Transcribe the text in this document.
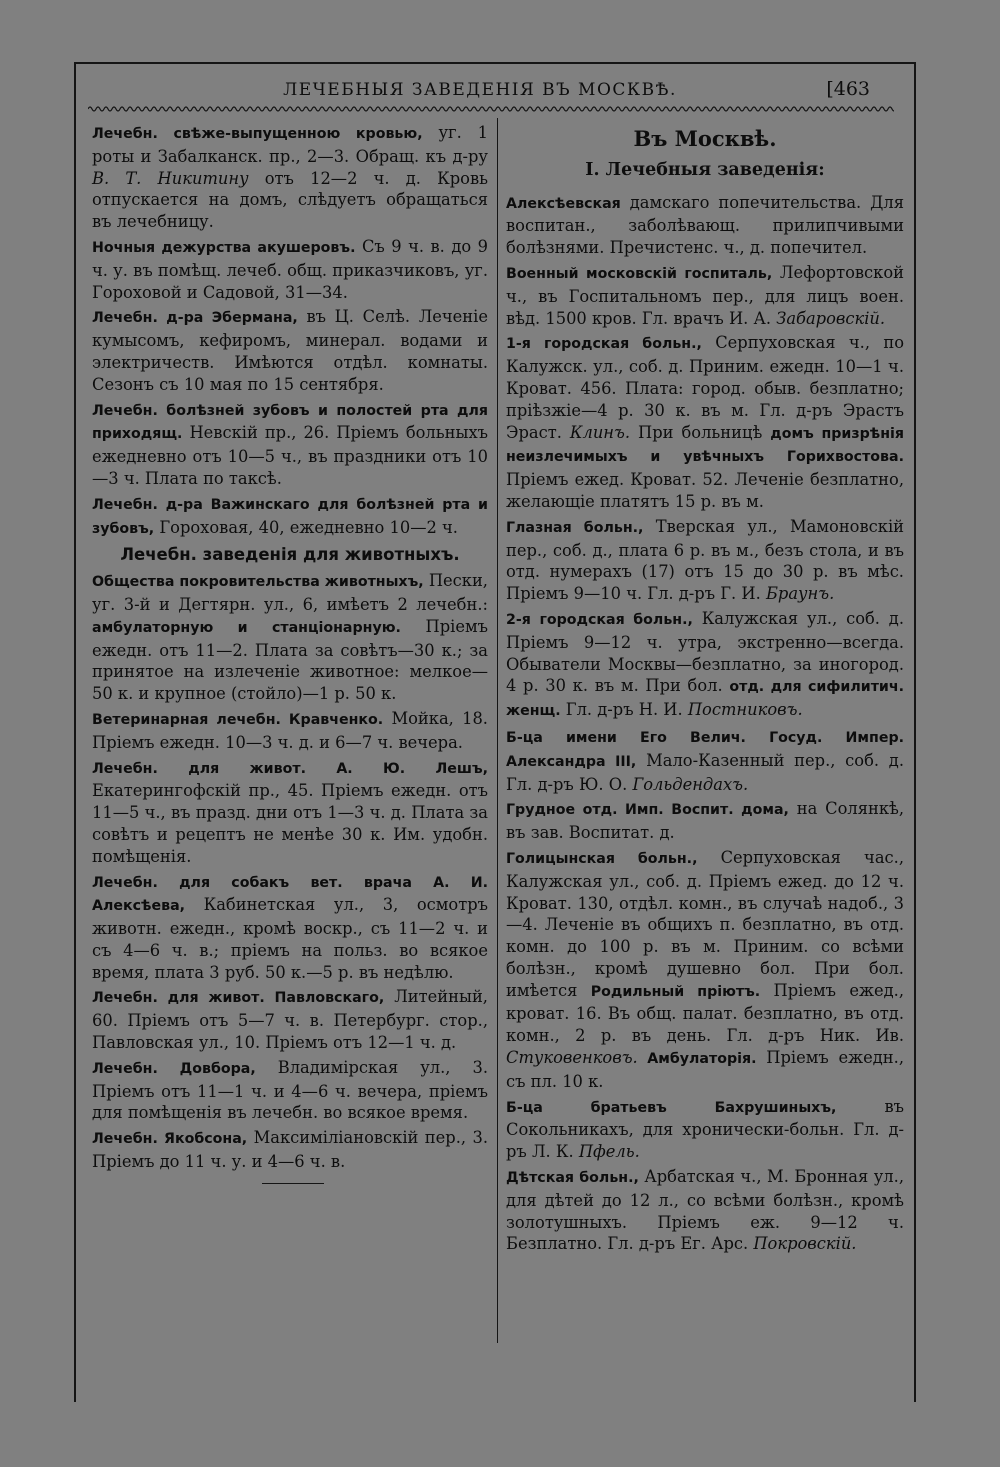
ЛЕЧЕБНЫЯ ЗАВЕДЕНІЯ ВЪ МОСКВѢ.	[463
Лечебн. свѣже-выпущенною кровью, уг. 1 роты и Забалканск. пр., 2—3. Обращ. къ д-ру В. Т. Никитину отъ 12—2 ч. д. Кровь отпускается на домъ, слѣдуетъ обращаться въ лечебницу.
Ночныя дежурства акушеровъ. Съ 9 ч. в. до 9 ч. у. въ помѣщ. лечеб. общ. приказчиковъ, уг. Гороховой и Садовой, 31—34.
Лечебн. д-ра Эбермана, въ Ц. Селѣ. Леченіе кумысомъ, кефиромъ, минерал. водами и электричеств. Имѣются отдѣл. комнаты. Сезонъ съ 10 мая по 15 сентября.
Лечебн. болѣзней зубовъ и полостей рта для приходящ. Невскій пр., 26. Пріемъ больныхъ ежедневно отъ 10—5 ч., въ праздники отъ 10—3 ч. Плата по таксѣ.
Лечебн. д-ра Важинскаго для болѣзней рта и зубовъ, Гороховая, 40, ежедневно 10—2 ч.
Лечебн. заведенія для животныхъ.
Общества покровительства животныхъ, Пески, уг. 3-й и Дегтярн. ул., 6, имѣетъ 2 лечебн.: амбулаторную и станціонарную. Пріемъ ежедн. отъ 11—2. Плата за совѣтъ—30 к.; за принятое на излеченіе животное: мелкое—50 к. и крупное (стойло)—1 р. 50 к.
Ветеринарная лечебн. Кравченко. Мойка, 18. Пріемъ ежедн. 10—3 ч. д. и 6—7 ч. вечера.
Лечебн. для живот. А. Ю. Лешъ, Екатерингофскій пр., 45. Пріемъ ежедн. отъ 11—5 ч., въ празд. дни отъ 1—3 ч. д. Плата за совѣтъ и рецептъ не менѣе 30 к. Им. удобн. помѣщенія.
Лечебн. для собакъ вет. врача А. И. Алексѣева, Кабинетская ул., 3, осмотръ животн. ежедн., кромѣ воскр., съ 11—2 ч. и съ 4—6 ч. в.; пріемъ на польз. во всякое время, плата 3 руб. 50 к.—5 р. въ недѣлю.
Лечебн. для живот. Павловскаго, Литейный, 60. Пріемъ отъ 5—7 ч. в. Петербург. стор., Павловская ул., 10. Пріемъ отъ 12—1 ч. д.
Лечебн. Довбора, Владимірская ул., 3. Пріемъ отъ 11—1 ч. и 4—6 ч. вечера, пріемъ для помѣщенія въ лечебн. во всякое время.
Лечебн. Якобсона, Максиміліановскій пер., 3. Пріемъ до 11 ч. у. и 4—6 ч. в.
Въ Москвѣ.
I. Лечебныя заведенія:
Алексѣевская дамскаго попечительства. Для воспитан., заболѣвающ. прилипчивыми болѣзнями. Пречистенс. ч., д. попечител.
Военный московскій госпиталь, Лефортовской ч., въ Госпитальномъ пер., для лицъ воен. вѣд. 1500 кров. Гл. врачъ И. А. Забаровскій.
1-я городская больн., Серпуховская ч., по Калужск. ул., соб. д. Приним. ежедн. 10—1 ч. Кроват. 456. Плата: город. обыв. безплатно; пріѣзжіе—4 р. 30 к. въ м. Гл. д-ръ Эрастъ Эраст. Клинъ. При больницѣ домъ призрѣнія неизлечимыхъ и увѣчныхъ Горихвостова. Пріемъ ежед. Кроват. 52. Леченіе безплатно, желающіе платятъ 15 р. въ м.
Глазная больн., Тверская ул., Мамоновскій пер., соб. д., плата 6 р. въ м., безъ стола, и въ отд. нумерахъ (17) отъ 15 до 30 р. въ мѣс. Пріемъ 9—10 ч. Гл. д-ръ Г. И. Браунъ.
2-я городская больн., Калужская ул., соб. д. Пріемъ 9—12 ч. утра, экстренно—всегда. Обыватели Москвы—безплатно, за иногород. 4 р. 30 к. въ м. При бол. отд. для сифилитич. женщ. Гл. д-ръ Н. И. Постниковъ.
Б-ца имени Его Велич. Госуд. Импер. Александра III, Мало-Казенный пер., соб. д. Гл. д-ръ Ю. О. Гольдендахъ.
Грудное отд. Имп. Воспит. дома, на Солянкѣ, въ зав. Воспитат. д.
Голицынская больн., Серпуховская час., Калужская ул., соб. д. Пріемъ ежед. до 12 ч. Кроват. 130, отдѣл. комн., въ случаѣ надоб., 3—4. Леченіе въ общихъ п. безплатно, въ отд. комн. до 100 р. въ м. Приним. со всѣми болѣзн., кромѣ душевно бол. При бол. имѣется Родильный пріютъ. Пріемъ ежед., кроват. 16. Въ общ. палат. безплатно, въ отд. комн., 2 р. въ день. Гл. д-ръ Ник. Ив. Стуковенковъ. Амбулаторія. Пріемъ ежедн., съ пл. 10 к.
Б-ца братьевъ Бахрушиныхъ, въ Сокольникахъ, для хронически-больн. Гл. д-ръ Л. К. Пфель.
Дѣтская больн., Арбатская ч., М. Бронная ул., для дѣтей до 12 л., со всѣми болѣзн., кромѣ золотушныхъ. Пріемъ еж. 9—12 ч. Безплатно. Гл. д-ръ Ег. Арс. Покровскій.
